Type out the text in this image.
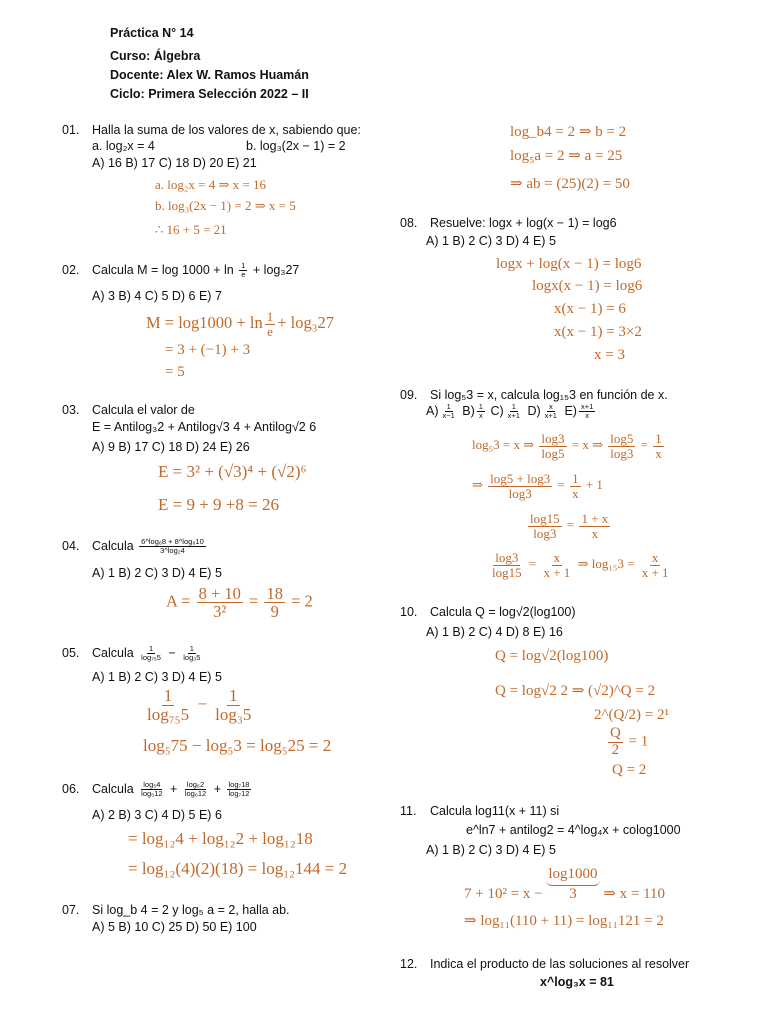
Práctica N° 14
Curso: Álgebra
Docente: Alex W. Ramos Huamán
Ciclo: Primera Selección 2022 – II
01. Halla la suma de los valores de x, sabiendo que:
a. log₂x = 4	b. log₃(2x − 1) = 2
A) 16 B) 17 C) 18 D) 20 E) 21
a. log₂x = 4 ⇒ x = 16
b. log₃(2x − 1) = 2 ⇒ x = 5
∴ 16 + 5 = 21
02. Calcula $M = \log 1000 + \ln \frac{1}{e} + \log_327$
A) 3 B) 4 C) 5 D) 6 E) 7
$M = \log 1000 + \ln \frac{1}{e} + \log_327$
= 3 + (−1) + 3
= 5
03. Calcula el valor de
E = Antilog₃2 + Antilog√3 4 + Antilog√2 6
A) 9 B) 17 C) 18 D) 24 E) 26
E = 3² + (√3)⁴ + (√2)⁶
E = 9 + 9 +8 = 26
04. Calcula $\frac{\text{6\textasciicircum{}log₆8 + 8\textasciicircum{}log₈10}}{\text{3\textasciicircum{}log₂4}}$
A) 1 B) 2 C) 3 D) 4 E) 5
$A = \frac{8 + 10}{\text{3²}} = \frac{18}{9} = 2$
05. Calcula $\frac{1}{\text{log₇₅5}} - \frac{1}{\text{log₃5}}$
A) 1 B) 2 C) 3 D) 4 E) 5
$\frac{1}{\text{log₇₅5}} - \frac{1}{\text{log₃5}}$
log₅75 − log₅3 = log₅25 = 2
06. Calcula $\frac{\text{log₅4}}{\text{log₅12}} + \frac{\text{log₆2}}{\text{log₆12}} + \frac{\text{log₇18}}{\text{log₇12}}$
A) 2 B) 3 C) 4 D) 5 E) 6
= log₁₂4 + log₁₂2 + log₁₂18
= log₁₂(4)(2)(18) = log₁₂144 = 2
07. Si log_b 4 = 2 y log₅ a = 2, halla ab.
A) 5 B) 10 C) 25 D) 50 E) 100
log_b4 = 2 ⇒ b = 2
log₅a = 2 ⇒ a = 25
⇒ ab = (25)(2) = 50
08. Resuelve: logx + log(x − 1) = log6
A) 1 B) 2 C) 3 D) 4 E) 5
logx + log(x − 1) = log6
logx(x − 1) = log6
x(x − 1) = 6
x(x − 1) = 3×2
x = 3
09. Si log₅3 = x, calcula log₁₅3 en función de x.
$A) \frac{1}{x-1} B) \frac{1}{x} C) \frac{1}{x+1} D) \frac{x}{x+1} E) \frac{x+1}{x}$
log₅3 = x ⇒ $\frac{\log 3}{\log 5} = x$ ⇒ $\frac{\log 5}{\log 3} = \frac{1}{x}$
⇒ $\frac{\log 5 + \log 3}{\log 3} = \frac{1}{x} + 1$
$\frac{\log 15}{\log 3} = \frac{1 + x}{x}$
$\frac{\log 3}{\log 15} = \frac{x}{x + 1}$ ⇒ $\log_{15}3 = \frac{x}{x + 1}$
10. Calcula Q = log√2(log100)
A) 1 B) 2 C) 4 D) 8 E) 16
Q = log√2(log100)
Q = log√2 2 ⇒ (√2)^Q = 2
2^(Q/2) = 2¹
$\frac{Q}{2} = 1$
Q = 2
11. Calcula log11(x + 11) si
e^ln7 + antilog2 = 4^log₄x + colog1000
A) 1 B) 2 C) 3 D) 4 E) 5
$7 + 10^2 = x - \frac{\log 1000}{3}$ ⇒ x = 110
⇒ log₁₁(110 + 11) = log₁₁121 = 2
12. Indica el producto de las soluciones al resolver
x^log₃x = 81
